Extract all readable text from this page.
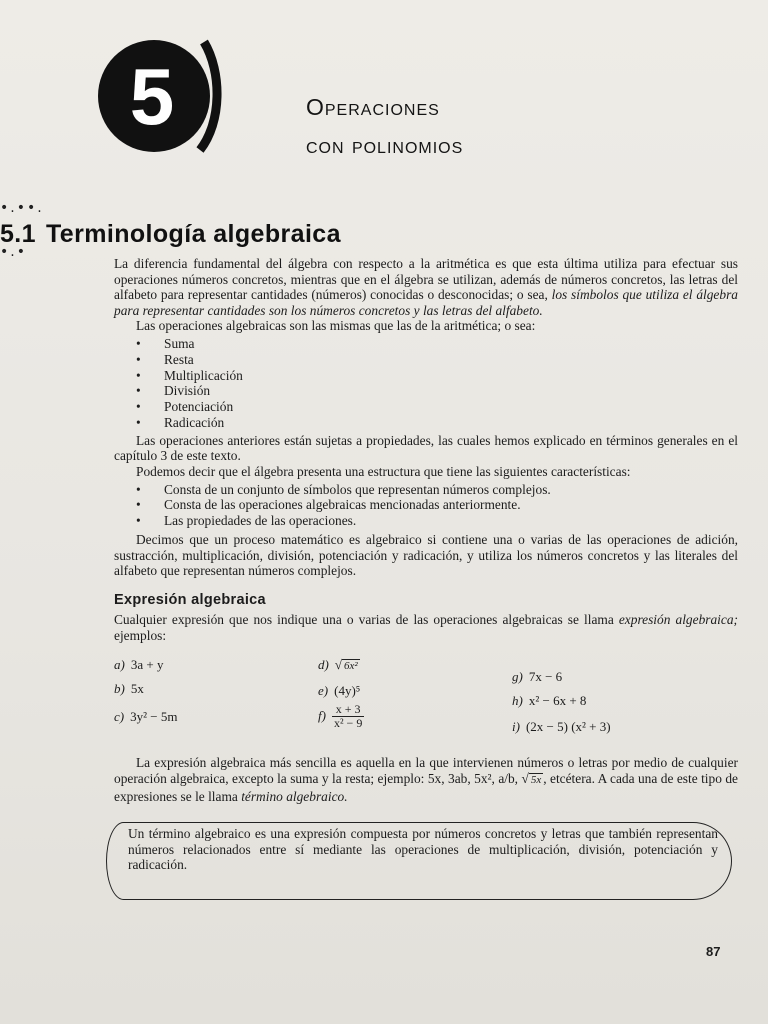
5	Operaciones
con polinomios
•.••.
•.•
5.1 Terminología algebraica

La diferencia fundamental del álgebra con respecto a la aritmética es que esta última utiliza para efectuar sus operaciones números concretos, mientras que en el álgebra se utilizan, además de números concretos, las letras del alfabeto para representar cantidades (números) conocidas o desconocidas; o sea, los símbolos que utiliza el álgebra para representar cantidades son los números concretos y las letras del alfabeto.

Las operaciones algebraicas son las mismas que las de la aritmética; o sea:

• Suma
• Resta
• Multiplicación
• División
• Potenciación
• Radicación

Las operaciones anteriores están sujetas a propiedades, las cuales hemos explicado en términos generales en el capítulo 3 de este texto.

Podemos decir que el álgebra presenta una estructura que tiene las siguientes características:

• Consta de un conjunto de símbolos que representan números complejos.
• Consta de las operaciones algebraicas mencionadas anteriormente.
• Las propiedades de las operaciones.

Decimos que un proceso matemático es algebraico si contiene una o varias de las operaciones de adición, sustracción, multiplicación, división, potenciación y radicación, y utiliza los números concretos y las literales del alfabeto que representan números complejos.

Expresión algebraica

Cualquier expresión que nos indique una o varias de las operaciones algebraicas se llama expresión algebraica; ejemplos:

a) 3a + y
b) 5x
c) 3y² − 5m
d) √ 6x²
e) (4y)⁵
$f) \frac{x + 3}{\text{x² − 9}}$
g) 7x − 6
h) x² − 6x + 8
i) (2x − 5) (x² + 3)

La expresión algebraica más sencilla es aquella en la que intervienen números o letras por medio de cualquier operación algebraica, excepto la suma y la resta; ejemplo: 5x, 3ab, 5x², a/b, √ 5x , etcétera. A cada una de este tipo de expresiones se le llama término algebraico.

Un término algebraico es una expresión compuesta por números concretos y letras que también representan números relacionados entre sí mediante las operaciones de multiplicación, división, potenciación y radicación.
87
